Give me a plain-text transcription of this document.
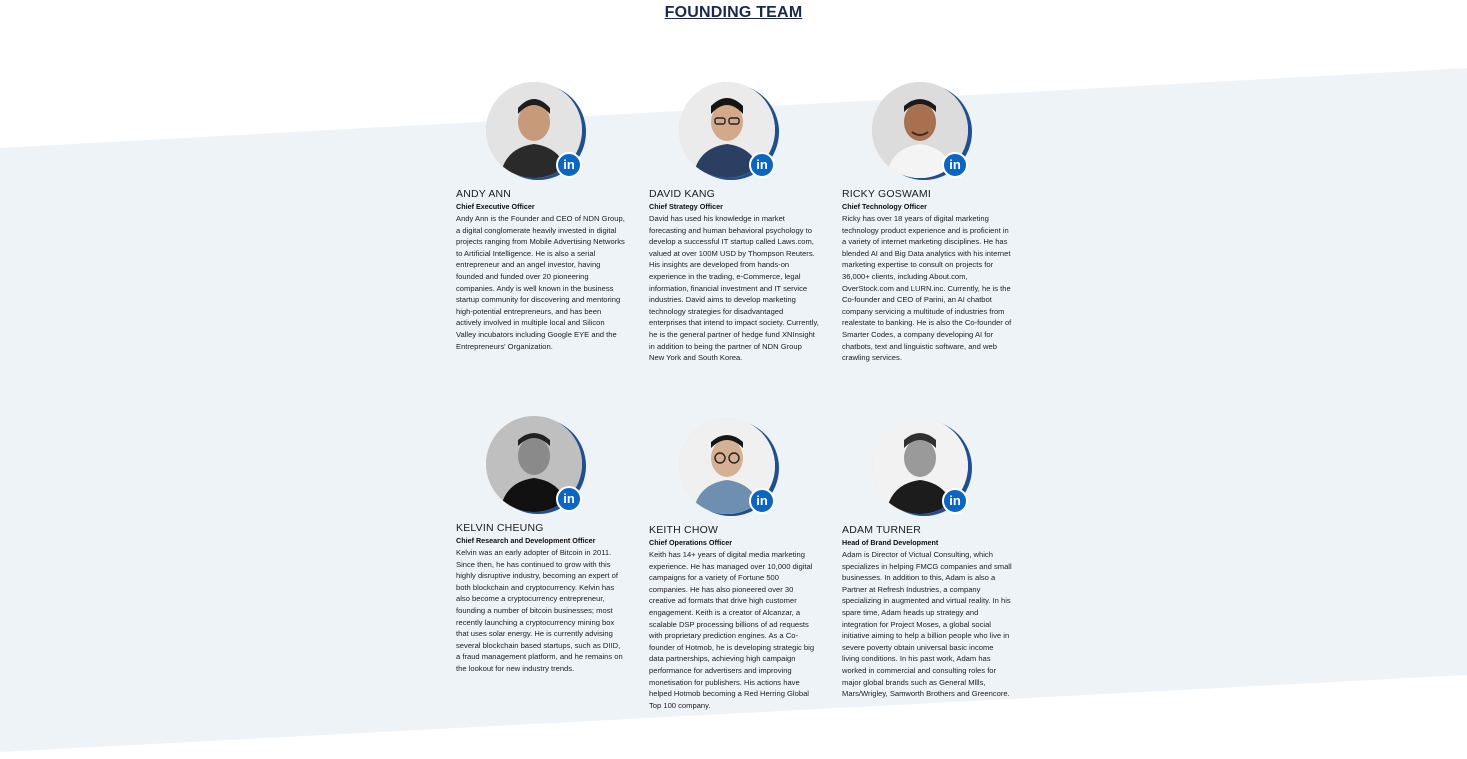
FOUNDING TEAM
in
ANDY ANN
Chief Executive Officer
Andy Ann is the Founder and CEO of NDN Group, a digital conglomerate heavily invested in digital projects ranging from Mobile Advertising Networks to Artificial Intelligence. He is also a serial entrepreneur and an angel investor, having founded and funded over 20 pioneering companies. Andy is well known in the business startup community for discovering and mentoring high-potential entrepreneurs, and has been actively involved in multiple local and Silicon Valley incubators including Google EYE and the Entrepreneurs' Organization.
in
DAVID KANG
Chief Strategy Officer
David has used his knowledge in market forecasting and human behavioral psychology to develop a successful IT startup called Laws.com, valued at over 100M USD by Thompson Reuters. His insights are developed from hands-on experience in the trading, e-Commerce, legal information, financial investment and IT service industries. David aims to develop marketing technology strategies for disadvantaged enterprises that intend to impact society. Currently, he is the general partner of hedge fund XNInsight in addition to being the partner of NDN Group New York and South Korea.
in
RICKY GOSWAMI
Chief Technology Officer
Ricky has over 18 years of digital marketing technology product experience and is proficient in a variety of internet marketing disciplines. He has blended AI and Big Data analytics with his internet marketing expertise to consult on projects for 36,000+ clients, including About.com, OverStock.com and LURN.inc. Currently, he is the Co-founder and CEO of Parini, an AI chatbot company servicing a multitude of industries from realestate to banking. He is also the Co-founder of Smarter Codes, a company developing AI for chatbots, text and linguistic software, and web crawling services.
in
KELVIN CHEUNG
Chief Research and Development Officer
Kelvin was an early adopter of Bitcoin in 2011. Since then, he has continued to grow with this highly disruptive industry, becoming an expert of both blockchain and cryptocurrency. Kelvin has also become a cryptocurrency entrepreneur, founding a number of bitcoin businesses; most recently launching a cryptocurrency mining box that uses solar energy. He is currently advising several blockchain based startups, such as DIID, a fraud management platform, and he remains on the lookout for new industry trends.
in
KEITH CHOW
Chief Operations Officer
Keith has 14+ years of digital media marketing experience. He has managed over 10,000 digital campaigns for a variety of Fortune 500 companies. He has also pioneered over 30 creative ad formats that drive high customer engagement. Keith is a creator of Alcanzar, a scalable DSP processing billions of ad requests with proprietary prediction engines. As a Co-founder of Hotmob, he is developing strategic big data partnerships, achieving high campaign performance for advertisers and improving monetisation for publishers. His actions have helped Hotmob becoming a Red Herring Global Top 100 company.
in
ADAM TURNER
Head of Brand Development
Adam is Director of Victual Consulting, which specializes in helping FMCG companies and small businesses. In addition to this, Adam is also a Partner at Refresh Industries, a company specializing in augmented and virtual reality. In his spare time, Adam heads up strategy and integration for Project Moses, a global social initiative aiming to help a billion people who live in severe poverty obtain universal basic income living conditions. In his past work, Adam has worked in commercial and consulting roles for major global brands such as General Mllls, Mars/Wrigley, Samworth Brothers and Greencore.
